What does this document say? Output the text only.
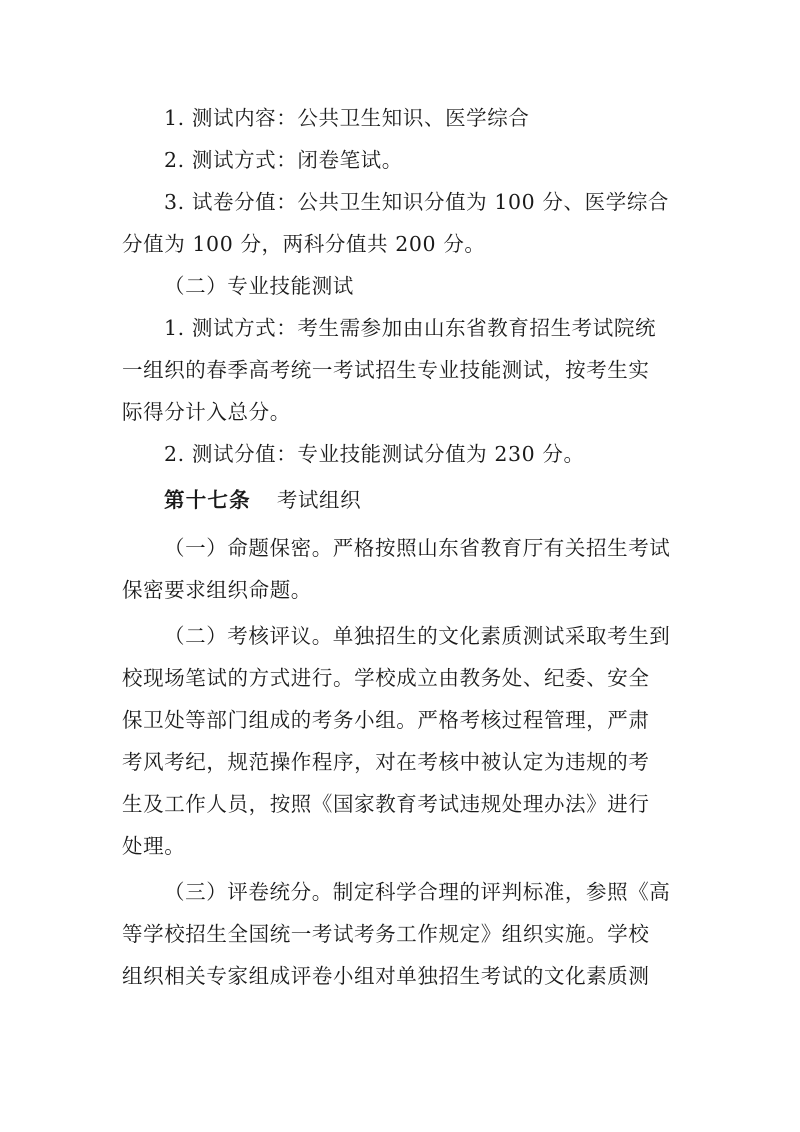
1. 测试内容：公共卫生知识、医学综合
2. 测试方式：闭卷笔试。
3. 试卷分值：公共卫生知识分值为 100 分、医学综合
分值为 100 分，两科分值共 200 分。
（二）专业技能测试
1. 测试方式：考生需参加由山东省教育招生考试院统
一组织的春季高考统一考试招生专业技能测试，按考生实
际得分计入总分。
2. 测试分值：专业技能测试分值为 230 分。
第十七条 考试组织
（一）命题保密。严格按照山东省教育厅有关招生考试
保密要求组织命题。
（二）考核评议。单独招生的文化素质测试采取考生到
校现场笔试的方式进行。学校成立由教务处、纪委、安全
保卫处等部门组成的考务小组。严格考核过程管理，严肃
考风考纪，规范操作程序，对在考核中被认定为违规的考
生及工作人员，按照《国家教育考试违规处理办法》进行
处理。
（三）评卷统分。制定科学合理的评判标准，参照《高
等学校招生全国统一考试考务工作规定》组织实施。学校
组织相关专家组成评卷小组对单独招生考试的文化素质测
